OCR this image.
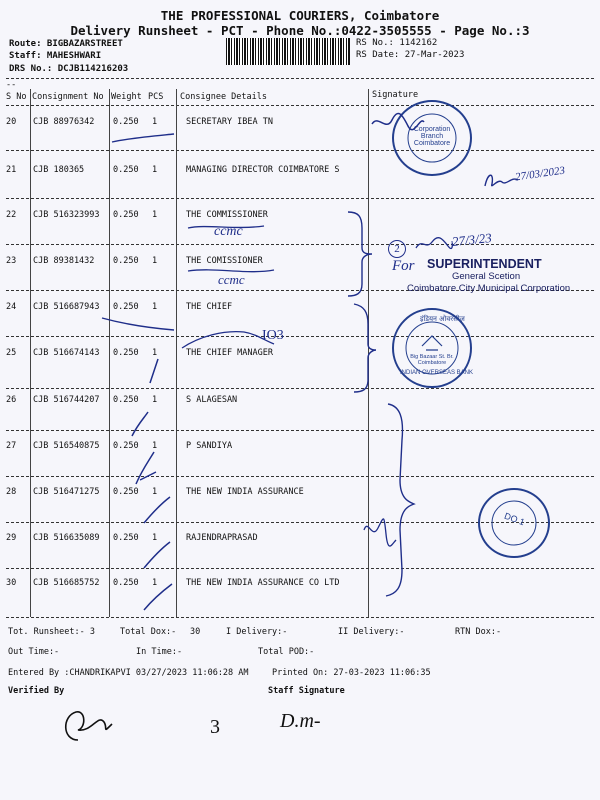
THE PROFESSIONAL COURIERS, Coimbatore
Delivery Runsheet - PCT - Phone No.:0422-3505555 - Page No.:3
Route: BIGBAZARSTREET
Staff: MAHESHWARI
DRS No.: DCJB114216203
RS No.: 1142162
RS Date: 27-Mar-2023
--
S No Consignment No Weight PCS Consignee Details	Signature
20 CJB 88976342 0.250 1	SECRETARY IBEA TN
21 CJB 180365	0.250 1	MANAGING DIRECTOR COIMBATORE S
22 CJB 516323993 0.250 1	THE COMMISSIONER
23 CJB 89381432 0.250 1	THE COMISSIONER
24 CJB 516687943 0.250 1	THE CHIEF
25 CJB 516674143 0.250 1	THE CHIEF MANAGER
26 CJB 516744207 0.250 1	S ALAGESAN
27 CJB 516540875 0.250 1	P SANDIYA
28 CJB 516471275 0.250 1	THE NEW INDIA ASSURANCE
29 CJB 516635089 0.250 1	RAJENDRAPRASAD
30 CJB 516685752 0.250 1	THE NEW INDIA ASSURANCE CO LTD
Corporation Branch Coimbatore
27/03/2023
ccmc
ccmc
2
For
27/3/23
SUPERINTENDENT
General Scetion
Coimbatore City Municipal Corporation
IO3
इंडियन ओवरसीज़
Big Bazaar St. Br. Coimbatore
INDIAN OVERSEAS BANK
DO 1
Tot. Runsheet:- 3	Total Dox:- 30	I Delivery:-	II Delivery:-	RTN Dox:-
Out Time:-	In Time:-	Total POD:-
Entered By :CHANDRIKAPVI 03/27/2023 11:06:28 AM	Printed On: 27-03-2023 11:06:35
Verified By	Staff Signature
3	D.m-
